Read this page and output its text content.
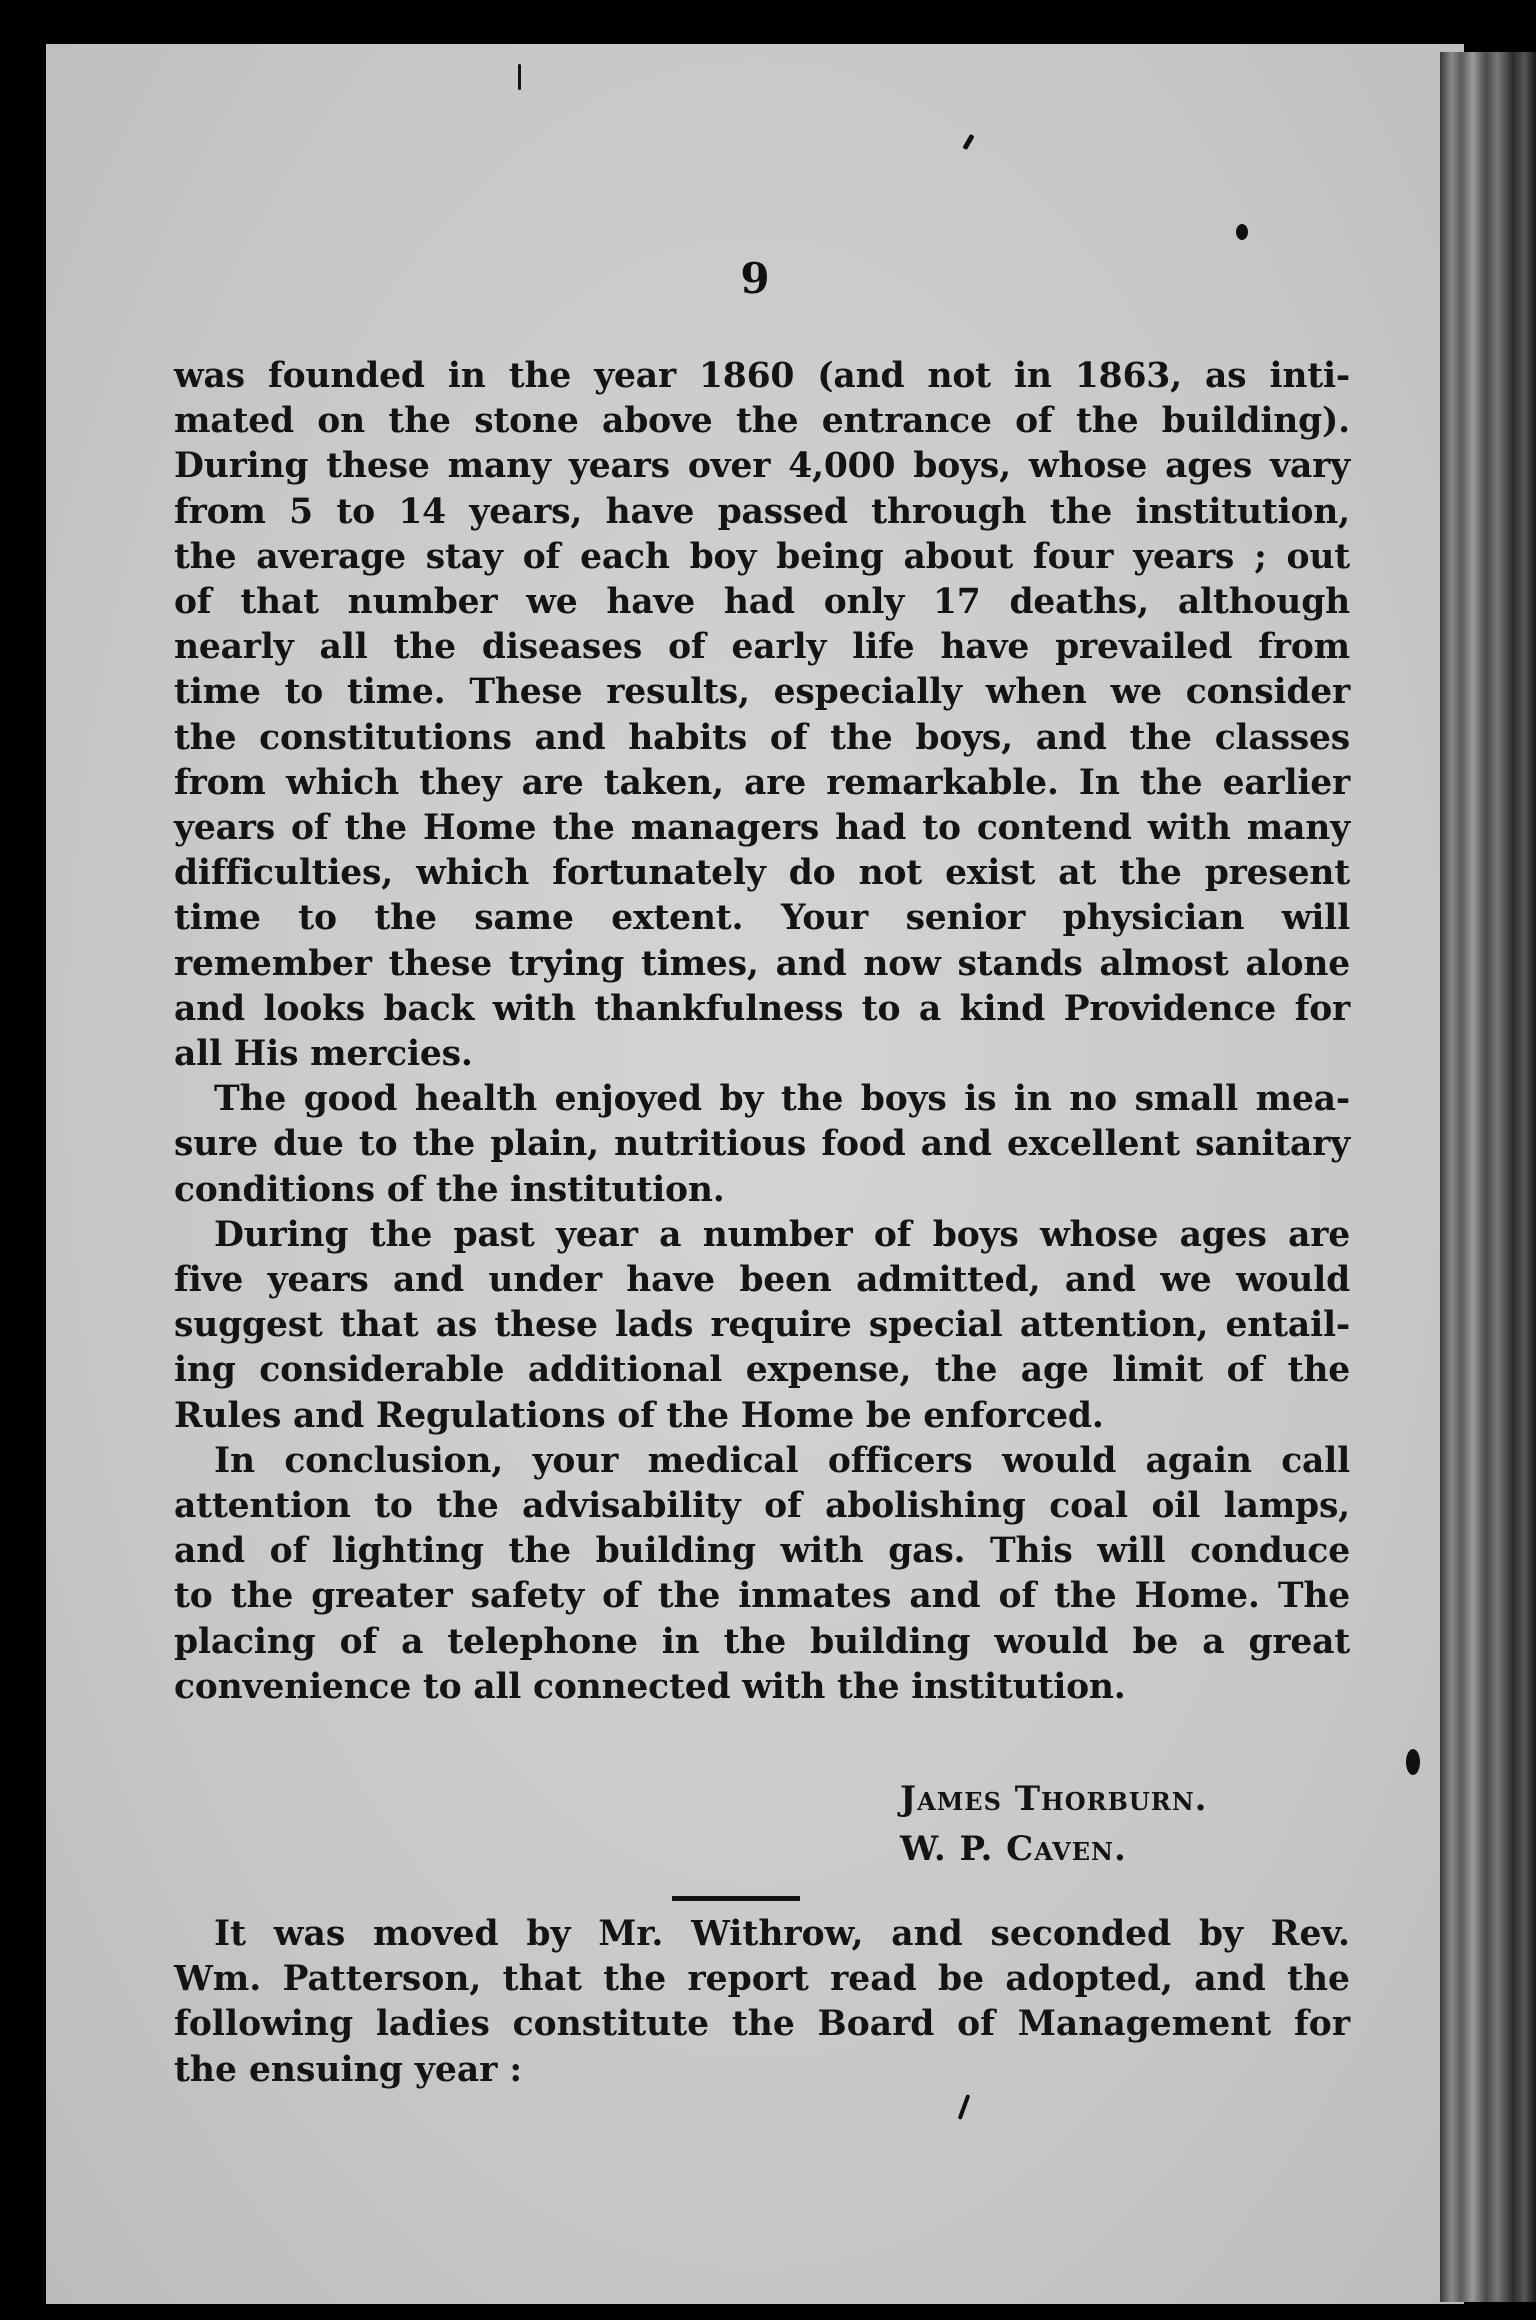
9
was founded in the year 1860 (and not in 1863, as inti-
mated on the stone above the entrance of the building).
During these many years over 4,000 boys, whose ages vary
from 5 to 14 years, have passed through the institution,
the average stay of each boy being about four years ; out
of that number we have had only 17 deaths, although
nearly all the diseases of early life have prevailed from
time to time. These results, especially when we consider
the constitutions and habits of the boys, and the classes
from which they are taken, are remarkable. In the earlier
years of the Home the managers had to contend with many
difficulties, which fortunately do not exist at the present
time to the same extent. Your senior physician will
remember these trying times, and now stands almost alone
and looks back with thankfulness to a kind Providence for
all His mercies.
The good health enjoyed by the boys is in no small mea-
sure due to the plain, nutritious food and excellent sanitary
conditions of the institution.
During the past year a number of boys whose ages are
five years and under have been admitted, and we would
suggest that as these lads require special attention, entail-
ing considerable additional expense, the age limit of the
Rules and Regulations of the Home be enforced.
In conclusion, your medical officers would again call
attention to the advisability of abolishing coal oil lamps,
and of lighting the building with gas. This will conduce
to the greater safety of the inmates and of the Home. The
placing of a telephone in the building would be a great
convenience to all connected with the institution.
James Thorburn.
W. P. Caven.
It was moved by Mr. Withrow, and seconded by Rev.
Wm. Patterson, that the report read be adopted, and the
following ladies constitute the Board of Management for
the ensuing year :
